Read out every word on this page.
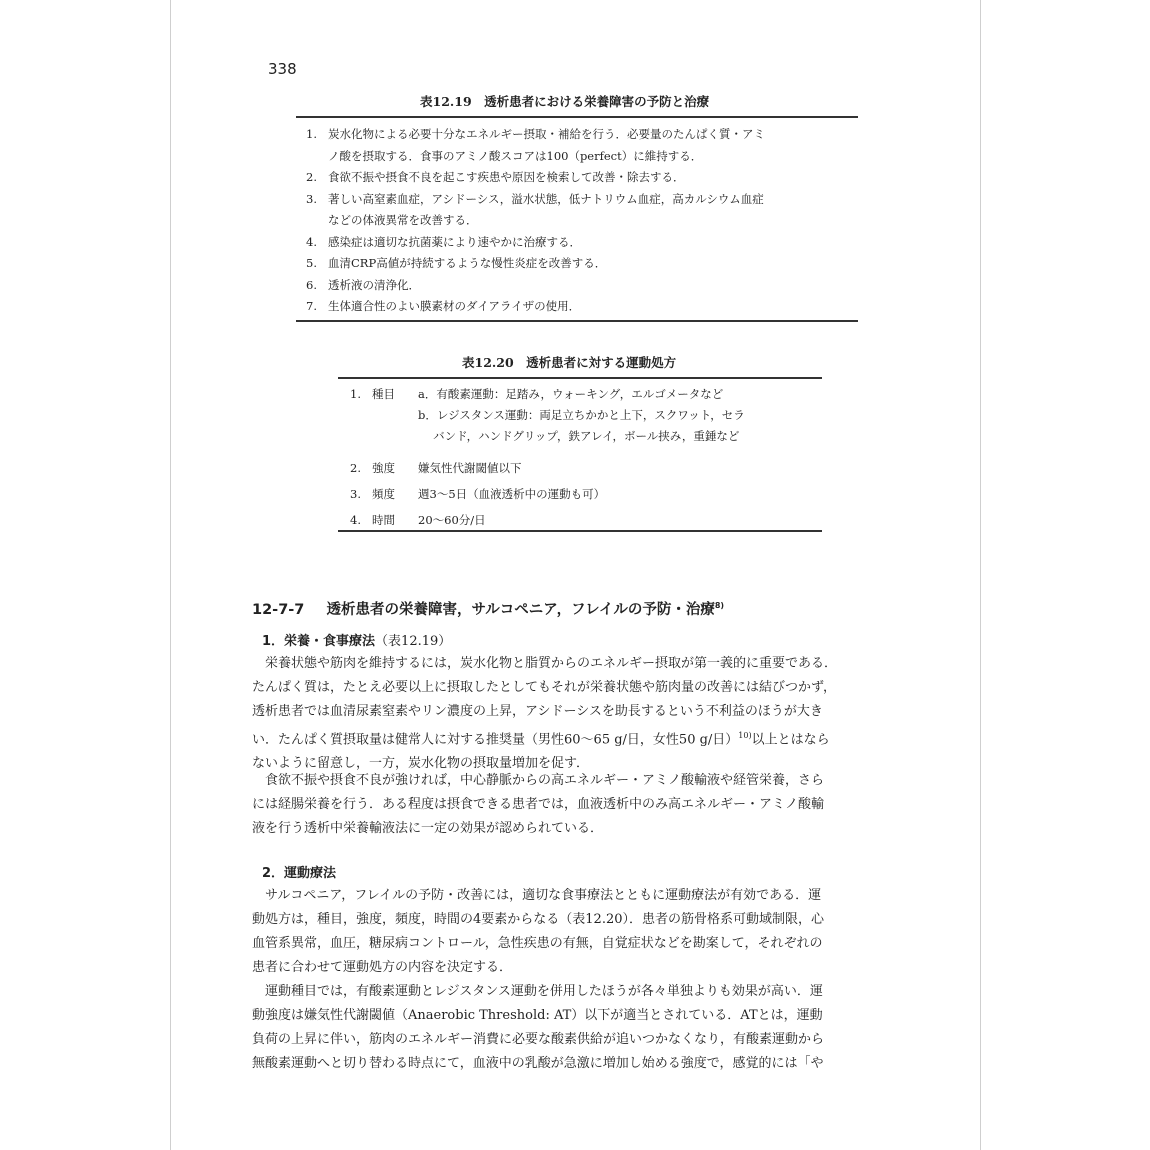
338
表12.19　透析患者における栄養障害の予防と治療
1. 炭水化物による必要十分なエネルギー摂取・補給を行う．必要量のたんぱく質・アミ
ノ酸を摂取する．食事のアミノ酸スコアは100（perfect）に維持する．
2. 食欲不振や摂食不良を起こす疾患や原因を検索して改善・除去する．
3. 著しい高窒素血症，アシドーシス，溢水状態，低ナトリウム血症，高カルシウム血症
などの体液異常を改善する．
4. 感染症は適切な抗菌薬により速やかに治療する．
5. 血清CRP高値が持続するような慢性炎症を改善する．
6. 透析液の清浄化．
7. 生体適合性のよい膜素材のダイアライザの使用．
表12.20　透析患者に対する運動処方
1. 種目	a．有酸素運動：足踏み，ウォーキング，エルゴメータなど
b．レジスタンス運動：両足立ちかかと上下，スクワット，セラ
　 バンド，ハンドグリップ，鉄アレイ，ボール挟み，重錘など
2. 強度	嫌気性代謝閾値以下
3. 頻度	週3～5日（血液透析中の運動も可）
4. 時間	20～60分/日
12-7-7 透析患者の栄養障害，サルコペニア，フレイルの予防・治療$^{8)}$
1．栄養・食事療法（表12.19）
栄養状態や筋肉を維持するには，炭水化物と脂質からのエネルギー摂取が第一義的に重要である．
たんぱく質は，たとえ必要以上に摂取したとしてもそれが栄養状態や筋肉量の改善には結びつかず，
透析患者では血清尿素窒素やリン濃度の上昇，アシドーシスを助長するという不利益のほうが大き
い．たんぱく質摂取量は健常人に対する推奨量（男性60～65 g/日，女性50 g/日）$^{10)}$以上とはなら
ないように留意し，一方，炭水化物の摂取量増加を促す．
食欲不振や摂食不良が強ければ，中心静脈からの高エネルギー・アミノ酸輸液や経管栄養，さら
には経腸栄養を行う．ある程度は摂食できる患者では，血液透析中のみ高エネルギー・アミノ酸輸
液を行う透析中栄養輸液法に一定の効果が認められている．
2．運動療法
サルコペニア，フレイルの予防・改善には，適切な食事療法とともに運動療法が有効である．運
動処方は，種目，強度，頻度，時間の4要素からなる（表12.20）．患者の筋骨格系可動域制限，心
血管系異常，血圧，糖尿病コントロール，急性疾患の有無，自覚症状などを勘案して，それぞれの
患者に合わせて運動処方の内容を決定する．
運動種目では，有酸素運動とレジスタンス運動を併用したほうが各々単独よりも効果が高い．運
動強度は嫌気性代謝閾値（Anaerobic Threshold: AT）以下が適当とされている．ATとは，運動
負荷の上昇に伴い，筋肉のエネルギー消費に必要な酸素供給が追いつかなくなり，有酸素運動から
無酸素運動へと切り替わる時点にて，血液中の乳酸が急激に増加し始める強度で，感覚的には「や
